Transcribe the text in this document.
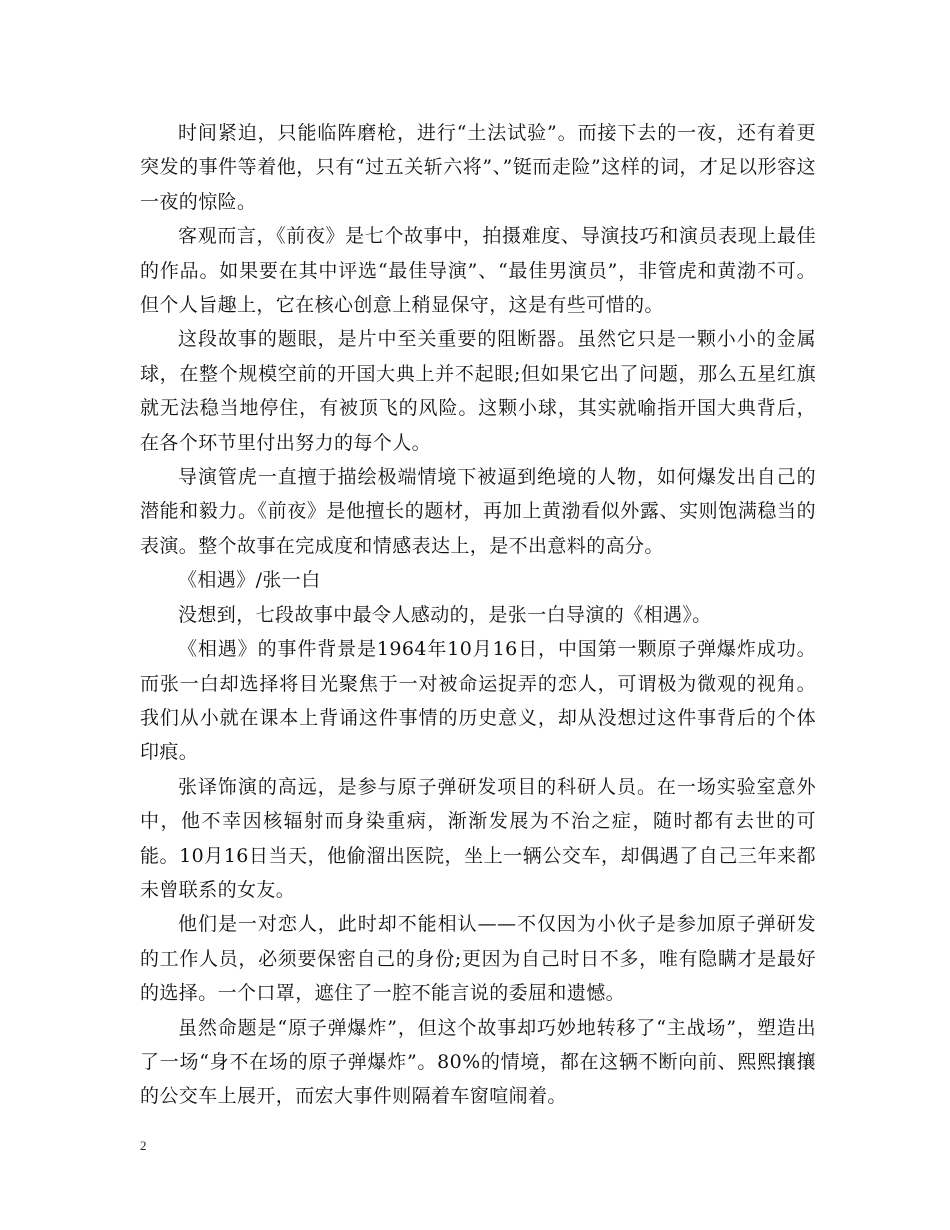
时间紧迫，只能临阵磨枪，进行“土法试验”。而接下去的一夜，还有着更突发的事件等着他，只有“过五关斩六将”、”铤而走险”这样的词，才足以形容这一夜的惊险。

客观而言，《前夜》是七个故事中，拍摄难度、导演技巧和演员表现上最佳的作品。如果要在其中评选“最佳导演”、“最佳男演员”，非管虎和黄渤不可。但个人旨趣上，它在核心创意上稍显保守，这是有些可惜的。

这段故事的题眼，是片中至关重要的阻断器。虽然它只是一颗小小的金属球，在整个规模空前的开国大典上并不起眼;但如果它出了问题，那么五星红旗就无法稳当地停住，有被顶飞的风险。这颗小球，其实就喻指开国大典背后，在各个环节里付出努力的每个人。

导演管虎一直擅于描绘极端情境下被逼到绝境的人物，如何爆发出自己的潜能和毅力。《前夜》是他擅长的题材，再加上黄渤看似外露、实则饱满稳当的表演。整个故事在完成度和情感表达上，是不出意料的高分。

《相遇》/张一白

没想到，七段故事中最令人感动的，是张一白导演的《相遇》。

《相遇》的事件背景是1964年10月16日，中国第一颗原子弹爆炸成功。而张一白却选择将目光聚焦于一对被命运捉弄的恋人，可谓极为微观的视角。我们从小就在课本上背诵这件事情的历史意义，却从没想过这件事背后的个体印痕。

张译饰演的高远，是参与原子弹研发项目的科研人员。在一场实验室意外中，他不幸因核辐射而身染重病，渐渐发展为不治之症，随时都有去世的可能。10月16日当天，他偷溜出医院，坐上一辆公交车，却偶遇了自己三年来都未曾联系的女友。

他们是一对恋人，此时却不能相认——不仅因为小伙子是参加原子弹研发的工作人员，必须要保密自己的身份;更因为自己时日不多，唯有隐瞒才是最好的选择。一个口罩，遮住了一腔不能言说的委屈和遗憾。

虽然命题是“原子弹爆炸”，但这个故事却巧妙地转移了“主战场”，塑造出了一场“身不在场的原子弹爆炸”。80%的情境，都在这辆不断向前、熙熙攘攘的公交车上展开，而宏大事件则隔着车窗喧闹着。

2
